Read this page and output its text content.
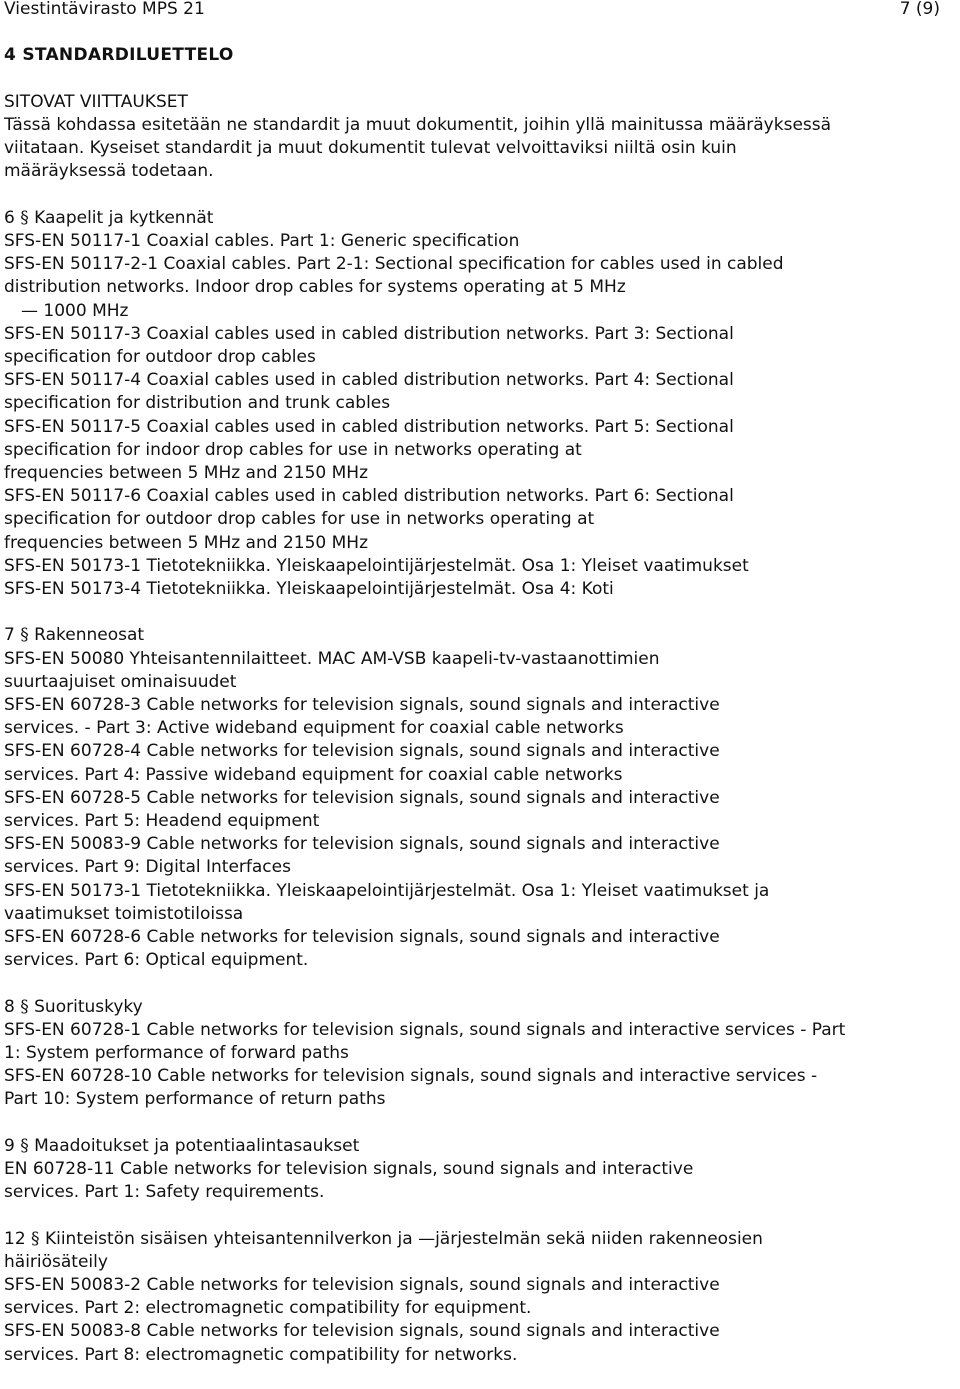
Viestintävirasto MPS 21	7 (9)
4 STANDARDILUETTELO
SITOVAT VIITTAUKSET
Tässä kohdassa esitetään ne standardit ja muut dokumentit, joihin yllä mainitussa määräyksessä
viitataan. Kyseiset standardit ja muut dokumentit tulevat velvoittaviksi niiltä osin kuin
määräyksessä todetaan.
6 § Kaapelit ja kytkennät
SFS-EN 50117-1 Coaxial cables. Part 1: Generic specification
SFS-EN 50117-2-1 Coaxial cables. Part 2-1: Sectional specification for cables used in cabled
distribution networks. Indoor drop cables for systems operating at 5 MHz
— 1000 MHz
SFS-EN 50117-3 Coaxial cables used in cabled distribution networks. Part 3: Sectional
specification for outdoor drop cables
SFS-EN 50117-4 Coaxial cables used in cabled distribution networks. Part 4: Sectional
specification for distribution and trunk cables
SFS-EN 50117-5 Coaxial cables used in cabled distribution networks. Part 5: Sectional
specification for indoor drop cables for use in networks operating at
frequencies between 5 MHz and 2150 MHz
SFS-EN 50117-6 Coaxial cables used in cabled distribution networks. Part 6: Sectional
specification for outdoor drop cables for use in networks operating at
frequencies between 5 MHz and 2150 MHz
SFS-EN 50173-1 Tietotekniikka. Yleiskaapelointijärjestelmät. Osa 1: Yleiset vaatimukset
SFS-EN 50173-4 Tietotekniikka. Yleiskaapelointijärjestelmät. Osa 4: Koti
7 § Rakenneosat
SFS-EN 50080 Yhteisantennilaitteet. MAC AM-VSB kaapeli-tv-vastaanottimien
suurtaajuiset ominaisuudet
SFS-EN 60728-3 Cable networks for television signals, sound signals and interactive
services. - Part 3: Active wideband equipment for coaxial cable networks
SFS-EN 60728-4 Cable networks for television signals, sound signals and interactive
services. Part 4: Passive wideband equipment for coaxial cable networks
SFS-EN 60728-5 Cable networks for television signals, sound signals and interactive
services. Part 5: Headend equipment
SFS-EN 50083-9 Cable networks for television signals, sound signals and interactive
services. Part 9: Digital Interfaces
SFS-EN 50173-1 Tietotekniikka. Yleiskaapelointijärjestelmät. Osa 1: Yleiset vaatimukset ja
vaatimukset toimistotiloissa
SFS-EN 60728-6 Cable networks for television signals, sound signals and interactive
services. Part 6: Optical equipment.
8 § Suorituskyky
SFS-EN 60728-1 Cable networks for television signals, sound signals and interactive services - Part
1: System performance of forward paths
SFS-EN 60728-10 Cable networks for television signals, sound signals and interactive services -
Part 10: System performance of return paths
9 § Maadoitukset ja potentiaalintasaukset
EN 60728-11 Cable networks for television signals, sound signals and interactive
services. Part 1: Safety requirements.
12 § Kiinteistön sisäisen yhteisantennilverkon ja —järjestelmän sekä niiden rakenneosien
häiriösäteily
SFS-EN 50083-2 Cable networks for television signals, sound signals and interactive
services. Part 2: electromagnetic compatibility for equipment.
SFS-EN 50083-8 Cable networks for television signals, sound signals and interactive
services. Part 8: electromagnetic compatibility for networks.
